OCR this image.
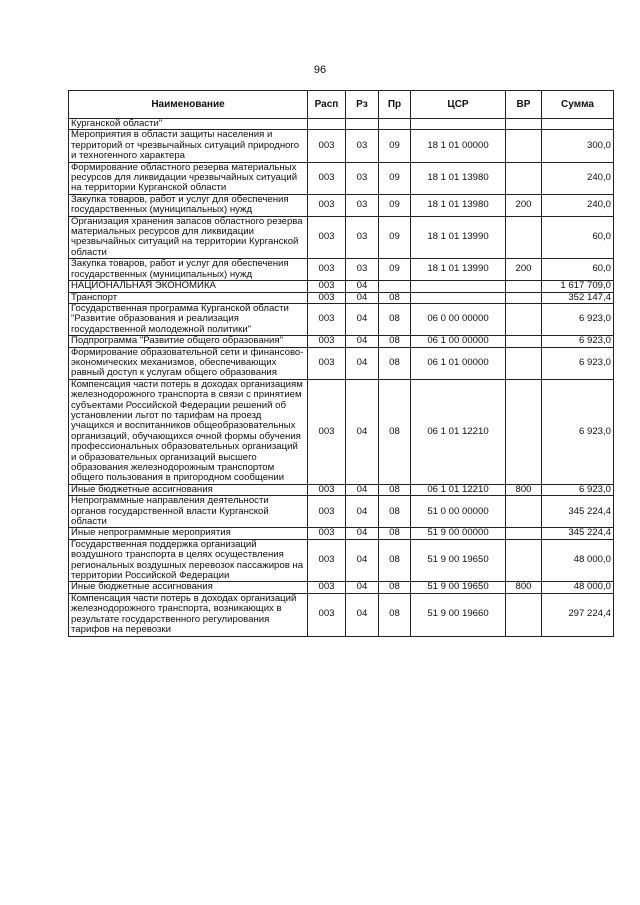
96
Наименование	Расп	Рз	Пр	ЦСР	ВР	Сумма
Курганской области"						
Мероприятия в области защиты населения и территорий от чрезвычайных ситуаций природного и техногенного характера	003	03	09	18 1 01 00000		300,0
Формирование областного резерва материальных ресурсов для ликвидации чрезвычайных ситуаций на территории Курганской области	003	03	09	18 1 01 13980		240,0
Закупка товаров, работ и услуг для обеспечения государственных (муниципальных) нужд	003	03	09	18 1 01 13980	200	240,0
Организация хранения запасов областного резерва материальных ресурсов для ликвидации чрезвычайных ситуаций на территории Курганской области	003	03	09	18 1 01 13990		60,0
Закупка товаров, работ и услуг для обеспечения государственных (муниципальных) нужд	003	03	09	18 1 01 13990	200	60,0
НАЦИОНАЛЬНАЯ ЭКОНОМИКА	003	04				1 617 709,0
Транспорт	003	04	08			352 147,4
Государственная программа Курганской области "Развитие образования и реализация государственной молодежной политики"	003	04	08	06 0 00 00000		6 923,0
Подпрограмма "Развитие общего образования"	003	04	08	06 1 00 00000		6 923,0
Формирование образовательной сети и финансово-экономических механизмов, обеспечивающих равный доступ к услугам общего образования	003	04	08	06 1 01 00000		6 923,0
Компенсация части потерь в доходах организациям железнодорожного транспорта в связи с принятием субъектами Российской Федерации решений об установлении льгот по тарифам на проезд учащихся и воспитанников общеобразовательных организаций, обучающихся очной формы обучения профессиональных образовательных организаций и образовательных организаций высшего образования железнодорожным транспортом общего пользования в пригородном сообщении	003	04	08	06 1 01 12210		6 923,0
Иные бюджетные ассигнования	003	04	08	06 1 01 12210	800	6 923,0
Непрограммные направления деятельности органов государственной власти Курганской области	003	04	08	51 0 00 00000		345 224,4
Иные непрограммные мероприятия	003	04	08	51 9 00 00000		345 224,4
Государственная поддержка организаций воздушного транспорта в целях осуществления региональных воздушных перевозок пассажиров на территории Российской Федерации	003	04	08	51 9 00 19650		48 000,0
Иные бюджетные ассигнования	003	04	08	51 9 00 19650	800	48 000,0
Компенсация части потерь в доходах организаций железнодорожного транспорта, возникающих в результате государственного регулирования тарифов на перевозки	003	04	08	51 9 00 19660		297 224,4
